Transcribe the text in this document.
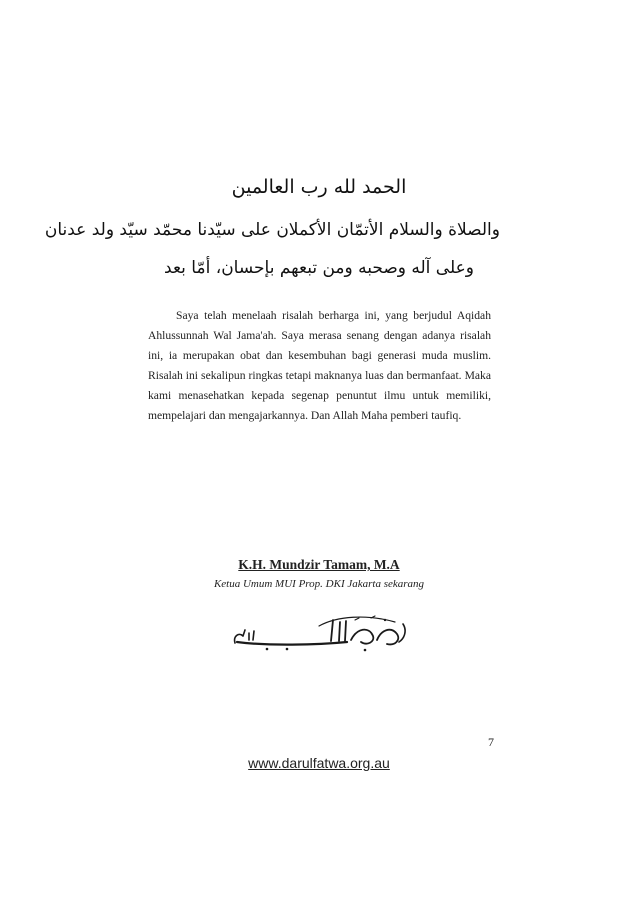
الحمد لله رب العالمين
والصلاة والسلام الأتمّان الأكملان على سيّدنا محمّد سيّد ولد عدنان
وعلى آله وصحبه ومن تبعهم بإحسان، أمّا بعد

Saya telah menelaah risalah berharga ini, yang berjudul Aqidah Ahlussunnah Wal Jama'ah. Saya merasa senang dengan adanya risalah ini, ia merupakan obat dan kesembuhan bagi generasi muda muslim. Risalah ini sekalipun ringkas tetapi maknanya luas dan bermanfaat. Maka kami menasehatkan kepada segenap penuntut ilmu untuk memiliki, mempelajari dan mengajarkannya. Dan Allah Maha pemberi taufiq.

K.H. Mundzir Tamam, M.A
Ketua Umum MUI Prop. DKI Jakarta sekarang
7
www.darulfatwa.org.au
